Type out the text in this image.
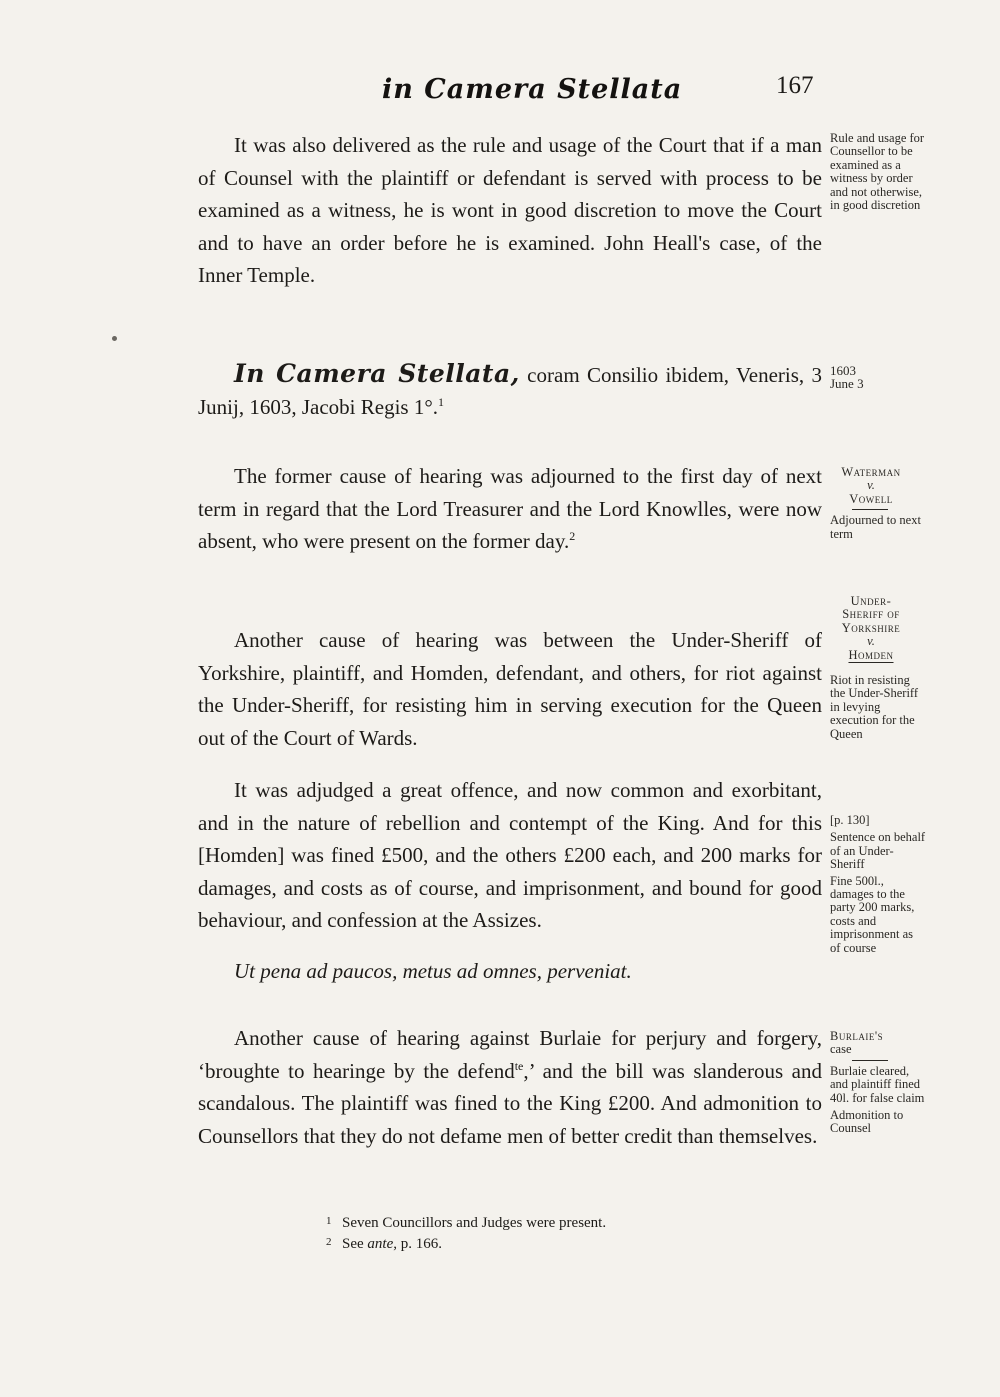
in Camera Stellata	167

It was also delivered as the rule and usage of the Court that if a man of Counsel with the plaintiff or defendant is served with process to be examined as a witness, he is wont in good discretion to move the Court and to have an order before he is examined. John Heall's case, of the Inner Temple.

In Camera Stellata, coram Consilio ibidem, Veneris, 3 Junij, 1603, Jacobi Regis 1°.$^1$

The former cause of hearing was adjourned to the first day of next term in regard that the Lord Treasurer and the Lord Knowlles, were now absent, who were present on the former day.$^2$

Another cause of hearing was between the Under-Sheriff of Yorkshire, plaintiff, and Homden, defendant, and others, for riot against the Under-Sheriff, for resisting him in serving execution for the Queen out of the Court of Wards.

It was adjudged a great offence, and now common and exorbitant, and in the nature of rebellion and contempt of the King. And for this [Homden] was fined £500, and the others £200 each, and 200 marks for damages, and costs as of course, and imprisonment, and bound for good behaviour, and confession at the Assizes.

Ut pena ad paucos, metus ad omnes, perveniat.

Another cause of hearing against Burlaie for perjury and forgery, ‘broughte to hearinge by the defend$^{te}$,’ and the bill was slanderous and scandalous. The plaintiff was fined to the King £200. And admonition to Counsellors that they do not defame men of better credit than themselves.

Rule and usage for Counsellor to be examined as a witness by order and not otherwise, in good discretion

1603
June 3
Waterman
v.
Vowell
Adjourned to next term
Under-Sheriff of Yorkshire
v.
Homden
Riot in resisting the Under-Sheriff in levying execution for the Queen
[p. 130]
Sentence on behalf of an Under-Sheriff
Fine 500l., damages to the party 200 marks, costs and imprisonment as of course
Burlaie's
case
Burlaie cleared, and plaintiff fined 40l. for false claim
Admonition to Counsel
1 Seven Councillors and Judges were present.
2 See ante, p. 166.
